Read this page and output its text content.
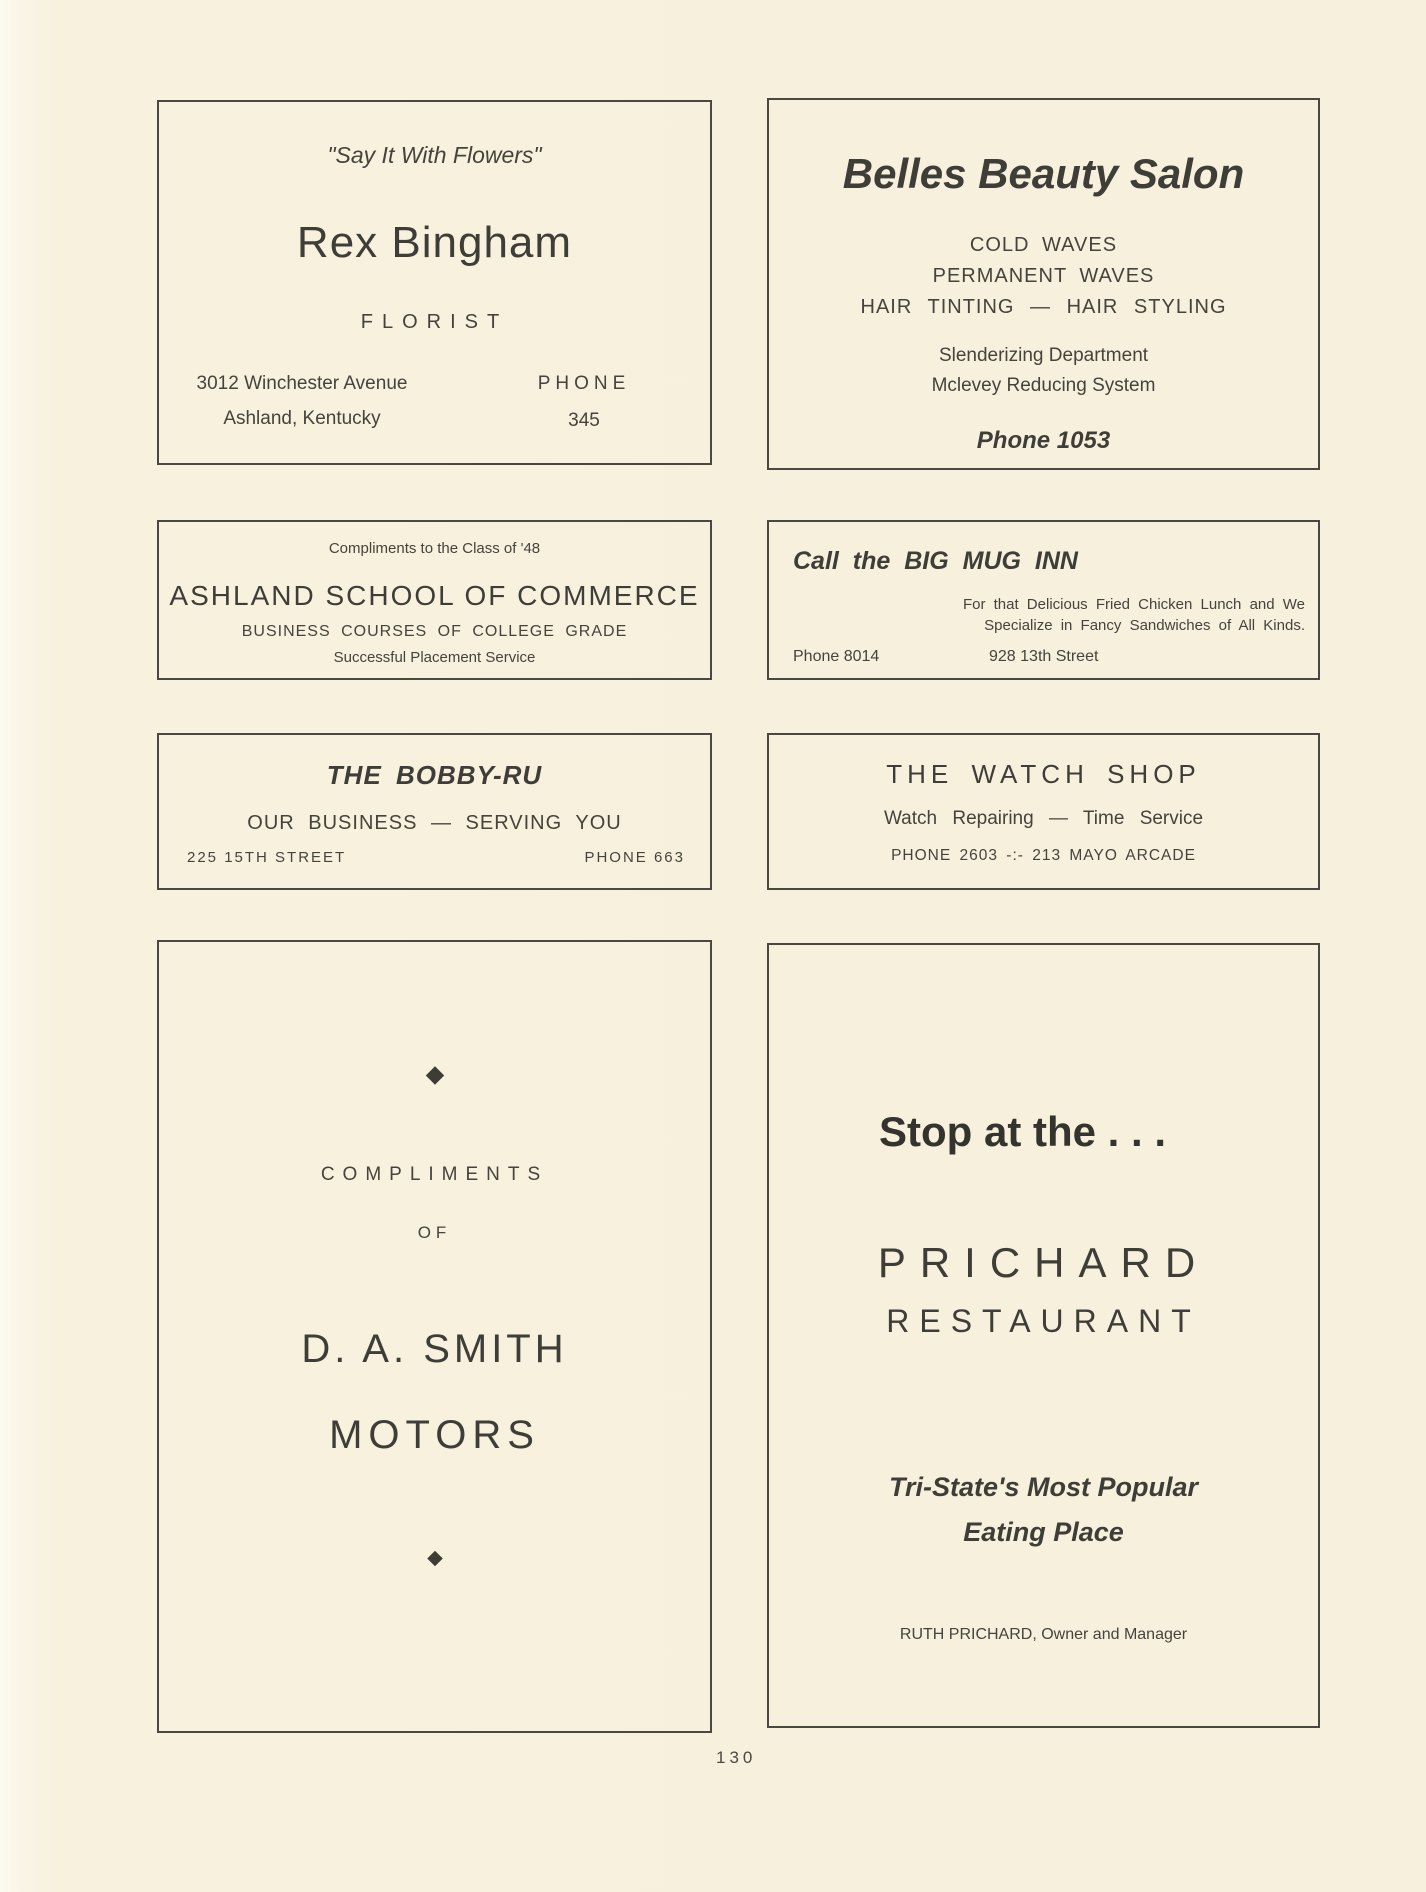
"Say It With Flowers"
Rex Bingham
FLORIST
3012 Winchester Avenue
Ashland, Kentucky
PHONE
345
Belles Beauty Salon
COLD WAVES
PERMANENT WAVES
HAIR TINTING — HAIR STYLING
Slenderizing Department
Mclevey Reducing System
Phone 1053
Compliments to the Class of '48
ASHLAND SCHOOL OF COMMERCE
BUSINESS COURSES OF COLLEGE GRADE
Successful Placement Service
Call the BIG MUG INN
For that Delicious Fried Chicken Lunch and We
Specialize in Fancy Sandwiches of All Kinds.
Phone 8014	928 13th Street
THE BOBBY-RU
OUR BUSINESS — SERVING YOU
225 15TH STREET	PHONE 663
THE WATCH SHOP
Watch Repairing — Time Service
PHONE 2603 -:- 213 MAYO ARCADE
COMPLIMENTS
OF
D. A. SMITH
MOTORS
Stop at the . . .
PRICHARD
RESTAURANT
Tri-State's Most Popular
Eating Place
RUTH PRICHARD, Owner and Manager
130
